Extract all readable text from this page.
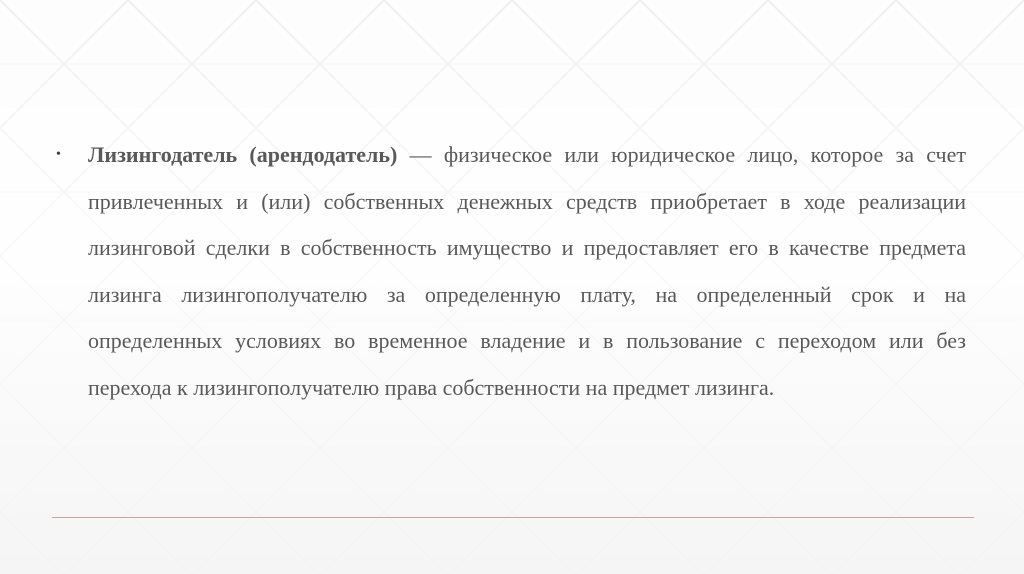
• Лизингодатель (арендодатель) — физическое или юридическое лицо, которое за счет привлеченных и (или) собственных денежных средств приобретает в ходе реализации лизинговой сделки в собственность имущество и предоставляет его в качестве предмета лизинга лизингополучателю за определенную плату, на определенный срок и на определенных условиях во временное владение и в пользование с переходом или без перехода к лизингополучателю права собственности на предмет лизинга.
